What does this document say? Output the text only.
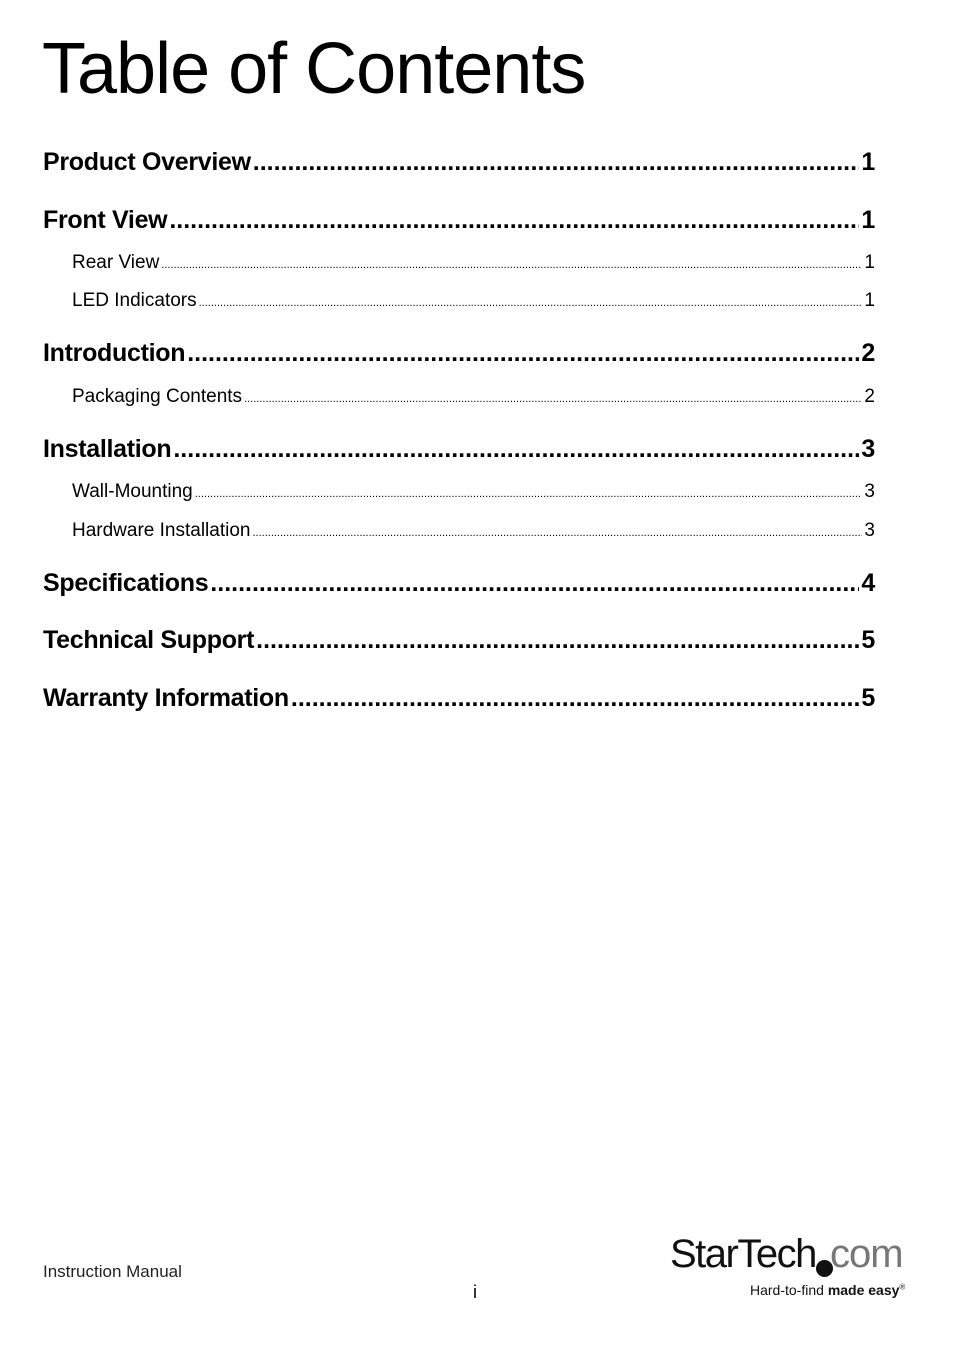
Table of Contents
Product Overview .....	1
Front View .....	1
Rear View .....	1
LED Indicators .....	1
Introduction .....	2
Packaging Contents .....	2
Installation .....	3
Wall-Mounting .....	3
Hardware Installation .....	3
Specifications .....	4
Technical Support .....	5
Warranty Information .....	5
Instruction Manual
i
StarTech com
Hard-to-find made easy®
